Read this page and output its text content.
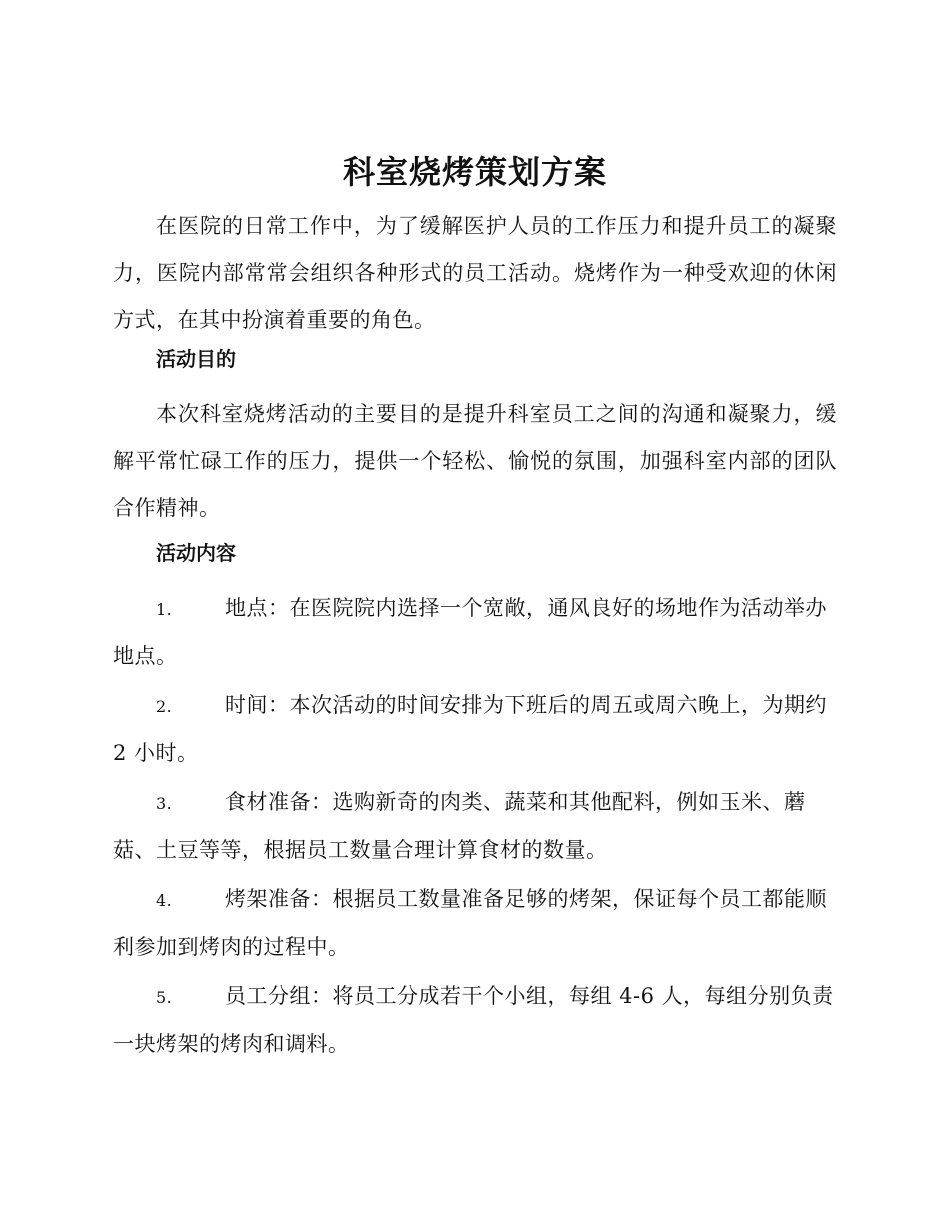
科室烧烤策划方案
在医院的日常工作中，为了缓解医护人员的工作压力和提升员工的凝聚力，医院内部常常会组织各种形式的员工活动。烧烤作为一种受欢迎的休闲方式，在其中扮演着重要的角色。
活动目的
本次科室烧烤活动的主要目的是提升科室员工之间的沟通和凝聚力，缓解平常忙碌工作的压力，提供一个轻松、愉悦的氛围，加强科室内部的团队合作精神。
活动内容
1.	地点：在医院院内选择一个宽敞，通风良好的场地作为活动举办地点。
2.	时间：本次活动的时间安排为下班后的周五或周六晚上，为期约 2 小时。
3.	食材准备：选购新奇的肉类、蔬菜和其他配料，例如玉米、蘑菇、土豆等等，根据员工数量合理计算食材的数量。
4.	烤架准备：根据员工数量准备足够的烤架，保证每个员工都能顺利参加到烤肉的过程中。
5.	员工分组：将员工分成若干个小组，每组 4-6 人，每组分别负责一块烤架的烤肉和调料。
